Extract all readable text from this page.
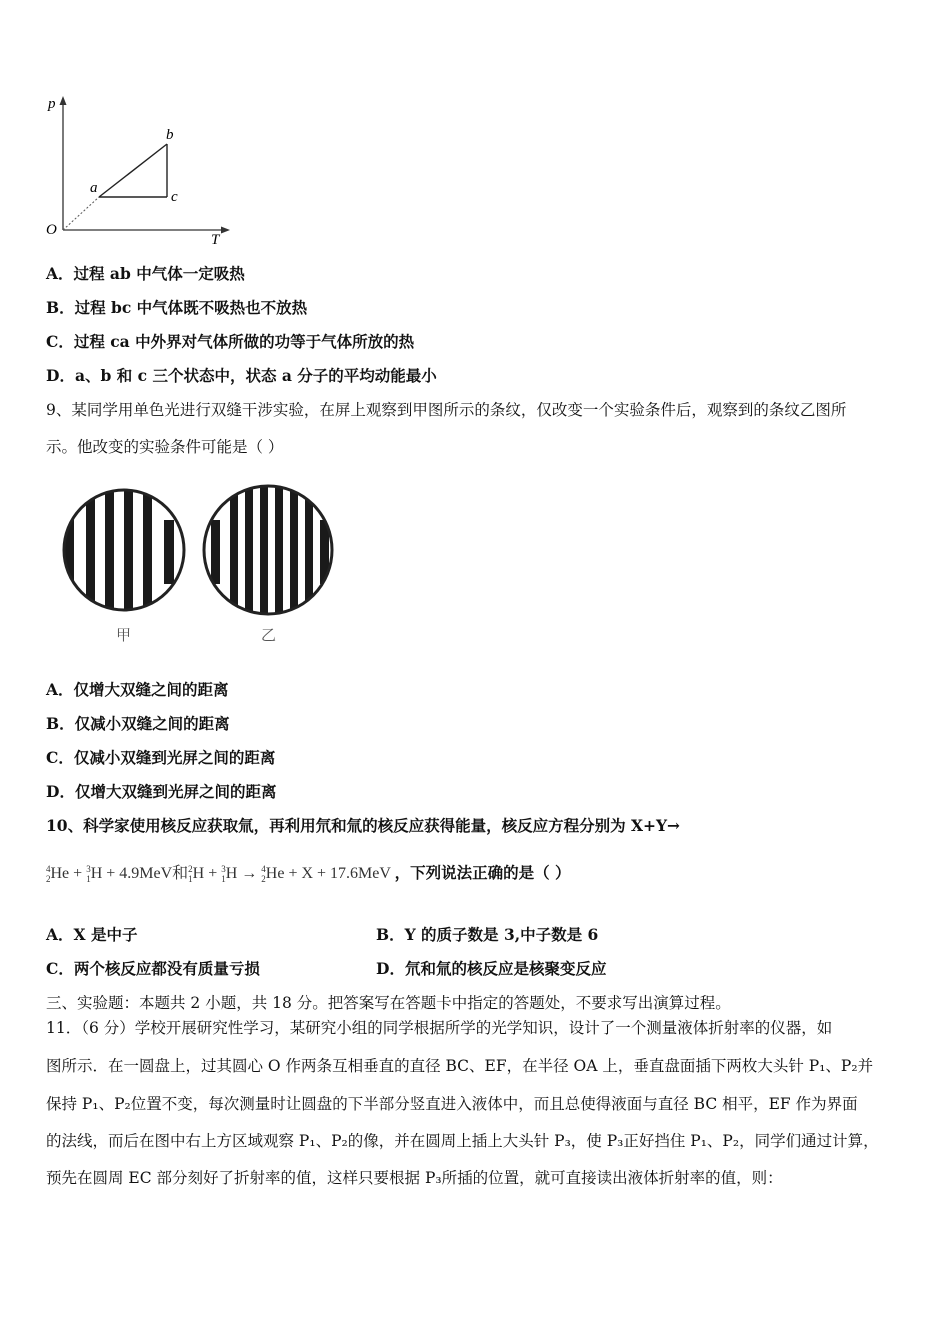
p
T
O
a
b
c
A．过程 ab 中气体一定吸热
B．过程 bc 中气体既不吸热也不放热
C．过程 ca 中外界对气体所做的功等于气体所放的热
D．a、b 和 c 三个状态中，状态 a 分子的平均动能最小
9、某同学用单色光进行双缝干涉实验，在屏上观察到甲图所示的条纹，仅改变一个实验条件后，观察到的条纹乙图所
示。他改变的实验条件可能是（ ）
甲	乙
A．仅增大双缝之间的距离
B．仅减小双缝之间的距离
C．仅减小双缝到光屏之间的距离
D．仅增大双缝到光屏之间的距离
10、科学家使用核反应获取氚，再利用氘和氚的核反应获得能量，核反应方程分别为 X+Y→
4
2He + 3
1H + 4.9MeV和2
1H + 3
1H → 4
2He + X + 17.6MeV ，下列说法正确的是（ ）
A．X 是中子	B．Y 的质子数是 3,中子数是 6
C．两个核反应都没有质量亏损	D．氘和氚的核反应是核聚变反应
三、实验题：本题共 2 小题，共 18 分。把答案写在答题卡中指定的答题处，不要求写出演算过程。
11．（6 分）学校开展研究性学习，某研究小组的同学根据所学的光学知识，设计了一个测量液体折射率的仪器，如
图所示．在一圆盘上，过其圆心 O 作两条互相垂直的直径 BC、EF，在半径 OA 上，垂直盘面插下两枚大头针 P₁、P₂并
保持 P₁、P₂位置不变，每次测量时让圆盘的下半部分竖直进入液体中，而且总使得液面与直径 BC 相平，EF 作为界面
的法线，而后在图中右上方区域观察 P₁、P₂的像，并在圆周上插上大头针 P₃，使 P₃正好挡住 P₁、P₂，同学们通过计算，
预先在圆周 EC 部分刻好了折射率的值，这样只要根据 P₃所插的位置，就可直接读出液体折射率的值，则：
